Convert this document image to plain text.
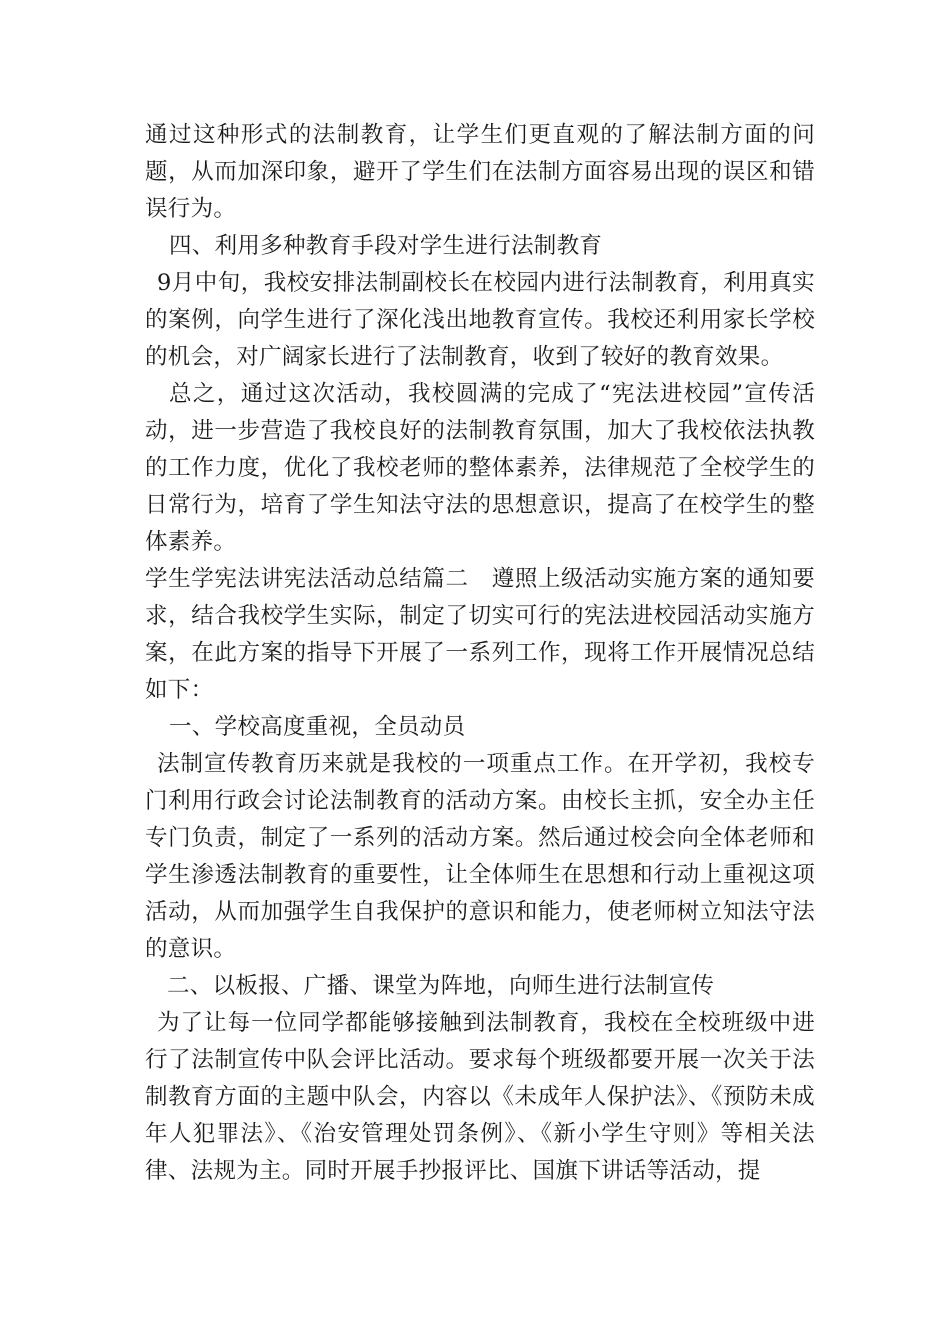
通过这种形式的法制教育，让学生们更直观的了解法制方面的问题，从而加深印象，避开了学生们在法制方面容易出现的误区和错误行为。

四、利用多种教育手段对学生进行法制教育

9月中旬，我校安排法制副校长在校园内进行法制教育，利用真实的案例，向学生进行了深化浅出地教育宣传。我校还利用家长学校的机会，对广阔家长进行了法制教育，收到了较好的教育效果。

总之，通过这次活动，我校圆满的完成了“宪法进校园”宣传活动，进一步营造了我校良好的法制教育氛围，加大了我校依法执教的工作力度，优化了我校老师的整体素养，法律规范了全校学生的日常行为，培育了学生知法守法的思想意识，提高了在校学生的整体素养。

学生学宪法讲宪法活动总结篇二　遵照上级活动实施方案的通知要求，结合我校学生实际，制定了切实可行的宪法进校园活动实施方案，在此方案的指导下开展了一系列工作，现将工作开展情况总结如下：

一、学校高度重视，全员动员

法制宣传教育历来就是我校的一项重点工作。在开学初，我校专门利用行政会讨论法制教育的活动方案。由校长主抓，安全办主任专门负责，制定了一系列的活动方案。然后通过校会向全体老师和学生渗透法制教育的重要性，让全体师生在思想和行动上重视这项活动，从而加强学生自我保护的意识和能力，使老师树立知法守法的意识。

二、以板报、广播、课堂为阵地，向师生进行法制宣传

为了让每一位同学都能够接触到法制教育，我校在全校班级中进行了法制宣传中队会评比活动。要求每个班级都要开展一次关于法制教育方面的主题中队会，内容以《未成年人保护法》、《预防未成年人犯罪法》、《治安管理处罚条例》、《新小学生守则》等相关法律、法规为主。同时开展手抄报评比、国旗下讲话等活动，提
